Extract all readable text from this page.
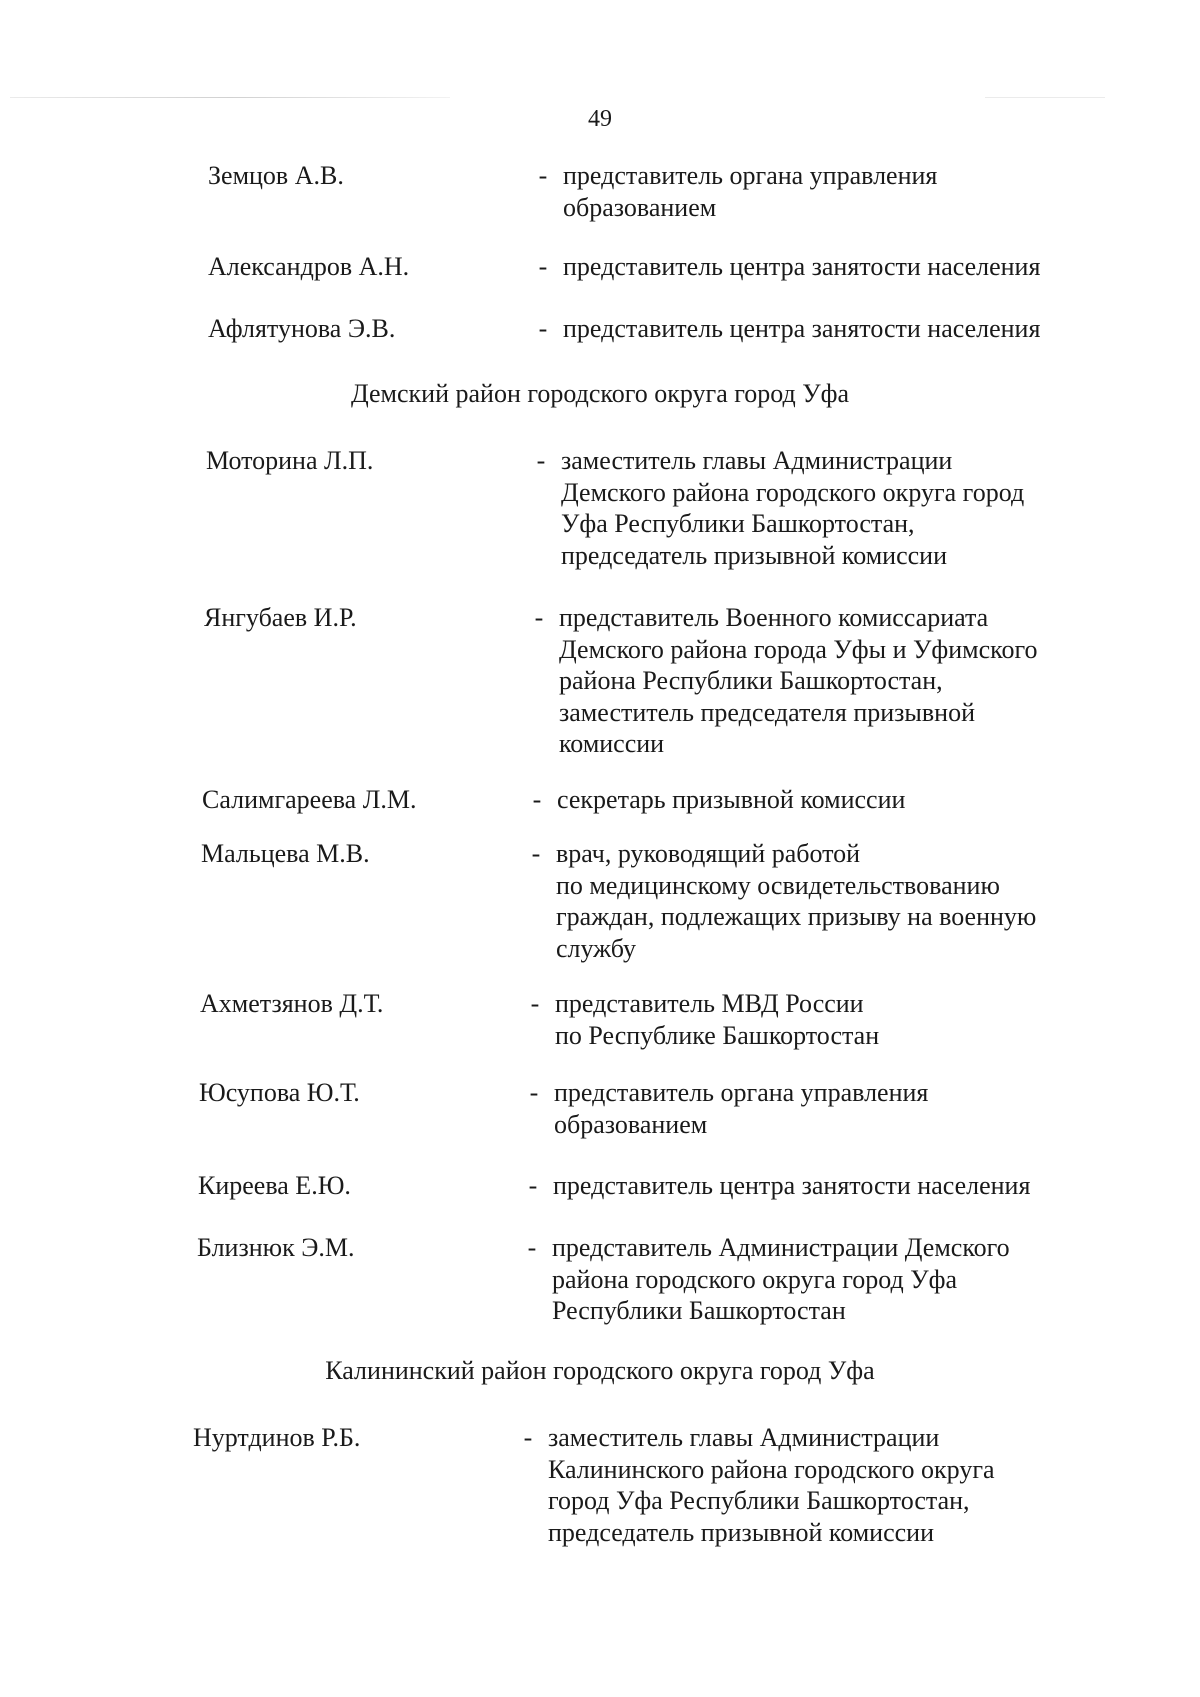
49
Земцов А.В.	- представитель органа управления
образованием
Александров А.Н.	- представитель центра занятости населения
Афлятунова Э.В.	- представитель центра занятости населения
Демский район городского округа город Уфа
Моторина Л.П.	- заместитель главы Администрации
Демского района городского округа город
Уфа Республики Башкортостан,
председатель призывной комиссии
Янгубаев И.Р.	- представитель Военного комиссариата
Демского района города Уфы и Уфимского
района Республики Башкортостан,
заместитель председателя призывной
комиссии
Салимгареева Л.М.	- секретарь призывной комиссии
Мальцева М.В.	- врач, руководящий работой
по медицинскому освидетельствованию
граждан, подлежащих призыву на военную
службу
Ахметзянов Д.Т.	- представитель МВД России
по Республике Башкортостан
Юсупова Ю.Т.	- представитель органа управления
образованием
Киреева Е.Ю.	- представитель центра занятости населения
Близнюк Э.М.	- представитель Администрации Демского
района городского округа город Уфа
Республики Башкортостан
Калининский район городского округа город Уфа
Нуртдинов Р.Б.	- заместитель главы Администрации
Калининского района городского округа
город Уфа Республики Башкортостан,
председатель призывной комиссии
